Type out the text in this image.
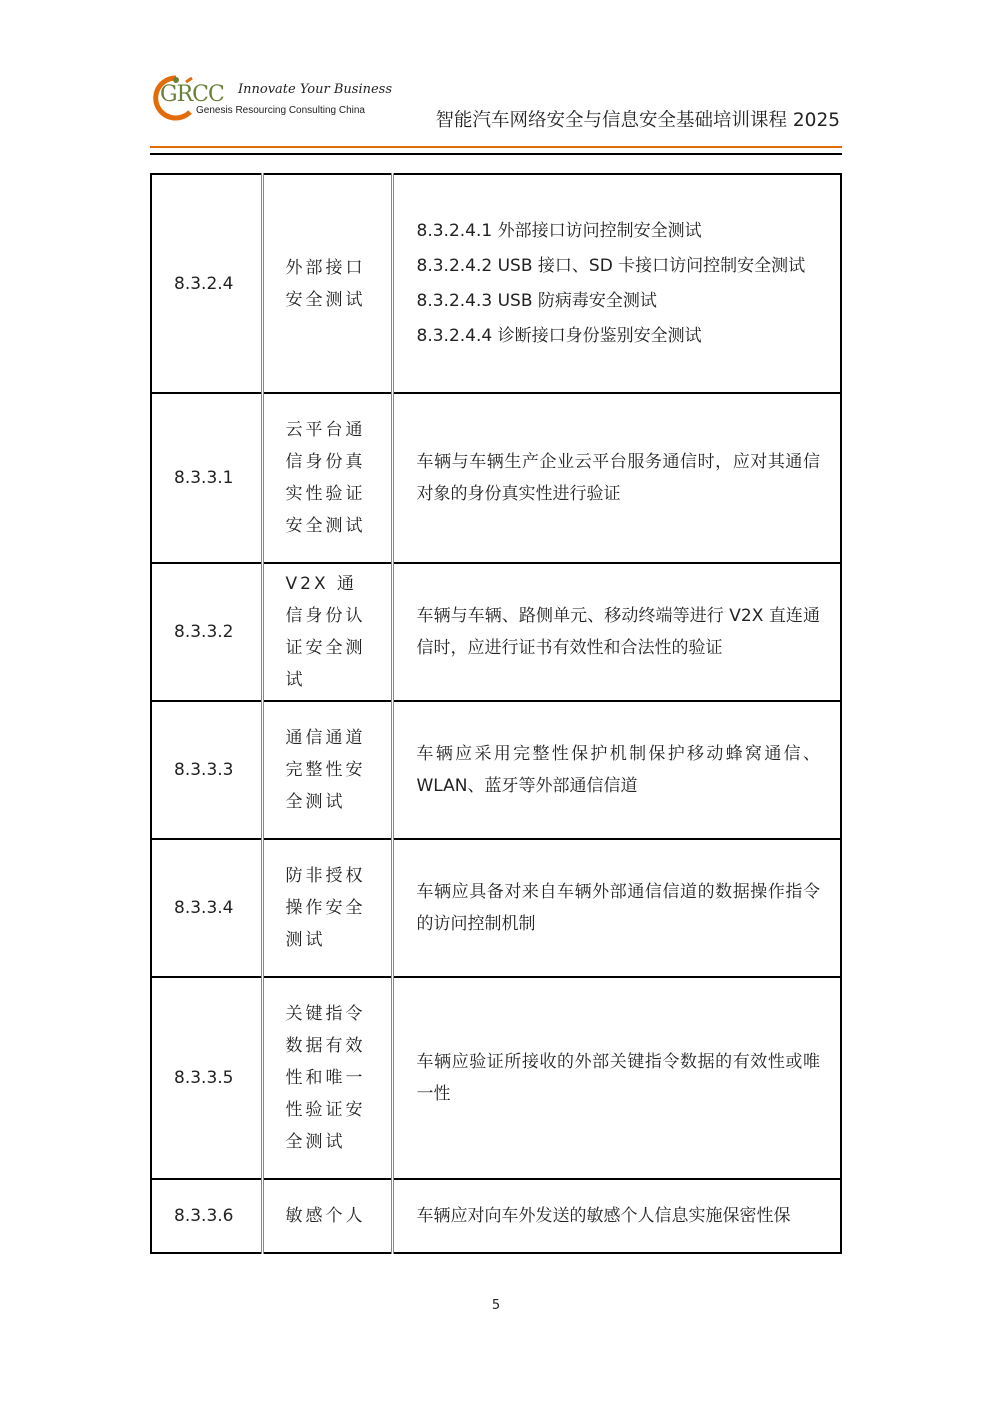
GRCC Innovate Your Business
Genesis Resourcing Consulting China	智能汽车网络安全与信息安全基础培训课程 2025
8.3.2.4	外部接口安全测试	8.3.2.4.1 外部接口访问控制安全测试
8.3.2.4.2 USB 接口、SD 卡接口访问控制安全测试
8.3.2.4.3 USB 防病毒安全测试
8.3.2.4.4 诊断接口身份鉴别安全测试

8.3.3.1	云平台通信身份真实性验证安全测试	车辆与车辆生产企业云平台服务通信时，应对其通信对象的身份真实性进行验证
8.3.3.2	V2X 通信身份认证安全测试	车辆与车辆、路侧单元、移动终端等进行 V2X 直连通信时，应进行证书有效性和合法性的验证
8.3.3.3	通信通道完整性安全测试	车辆应采用完整性保护机制保护移动蜂窝通信、WLAN、蓝牙等外部通信信道
8.3.3.4	防非授权操作安全测试	车辆应具备对来自车辆外部通信信道的数据操作指令的访问控制机制
8.3.3.5	关键指令数据有效性和唯一性验证安全测试	车辆应验证所接收的外部关键指令数据的有效性或唯一性
8.3.3.6	敏感个人	车辆应对向车外发送的敏感个人信息实施保密性保
5
